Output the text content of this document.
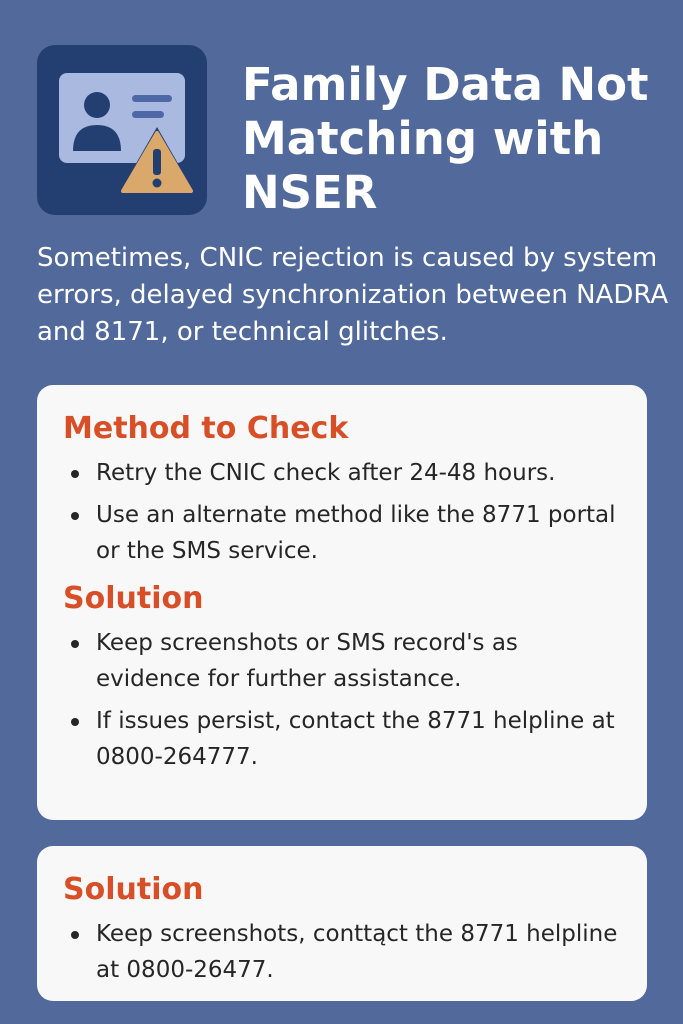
Family Data Not Matching with NSER

Sometimes, CNIC rejection is caused by system errors, delayed synchronization between NADRA and 8171, or technical glitches.

Method to Check
Retry the CNIC check after 24-48 hours.
Use an alternate method like the 8771 portal or the SMS service.
Solution
Keep screenshots or SMS record's as evidence for further assistance.
If issues persist, contact the 8771 helpline at 0800-264777.
Solution
Keep screenshots, conttąct the 8771 helpline at 0800-26477.
